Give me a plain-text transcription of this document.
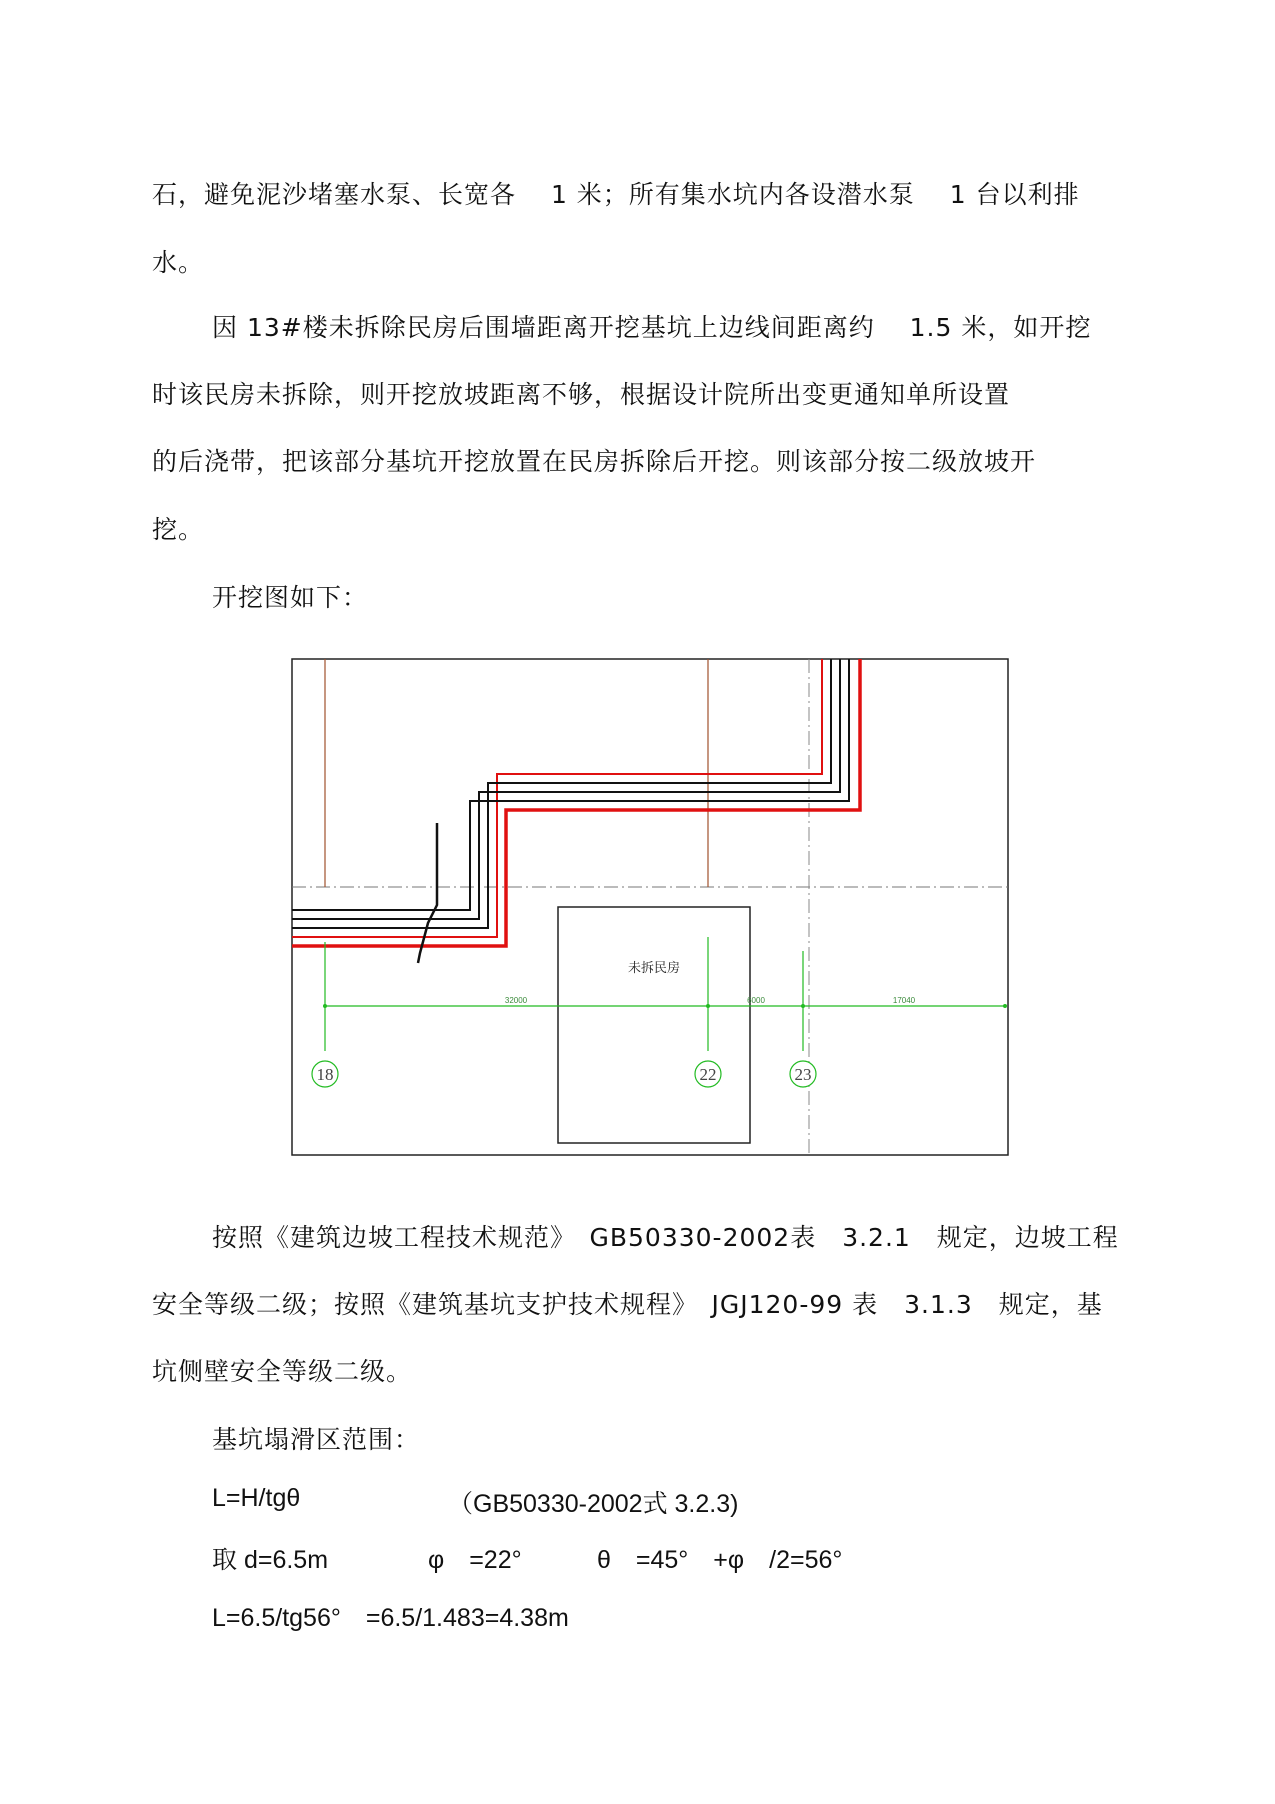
石，避免泥沙堵塞水泵、长宽各　 1 米；所有集水坑内各设潜水泵　 1 台以利排
水。
因 13#楼未拆除民房后围墙距离开挖基坑上边线间距离约　 1.5 米，如开挖
时该民房未拆除，则开挖放坡距离不够，根据设计院所出变更通知单所设置
的后浇带，把该部分基坑开挖放置在民房拆除后开挖。则该部分按二级放坡开
挖。
开挖图如下：
未拆民房
32000	6000	17040
18	22	23
按照《建筑边坡工程技术规范》　GB50330-2002表　3.2.1　规定，边坡工程
安全等级二级；按照《建筑基坑支护技术规程》　JGJ120-99 表　3.1.3　规定，基
坑侧壁安全等级二级。
基坑塌滑区范围：
L=H/tgθ	（GB50330-2002式 3.2.3)
取 d=6.5m	φ　=22°	θ　=45°　+φ　/2=56°
L=6.5/tg56°　=6.5/1.483=4.38m
